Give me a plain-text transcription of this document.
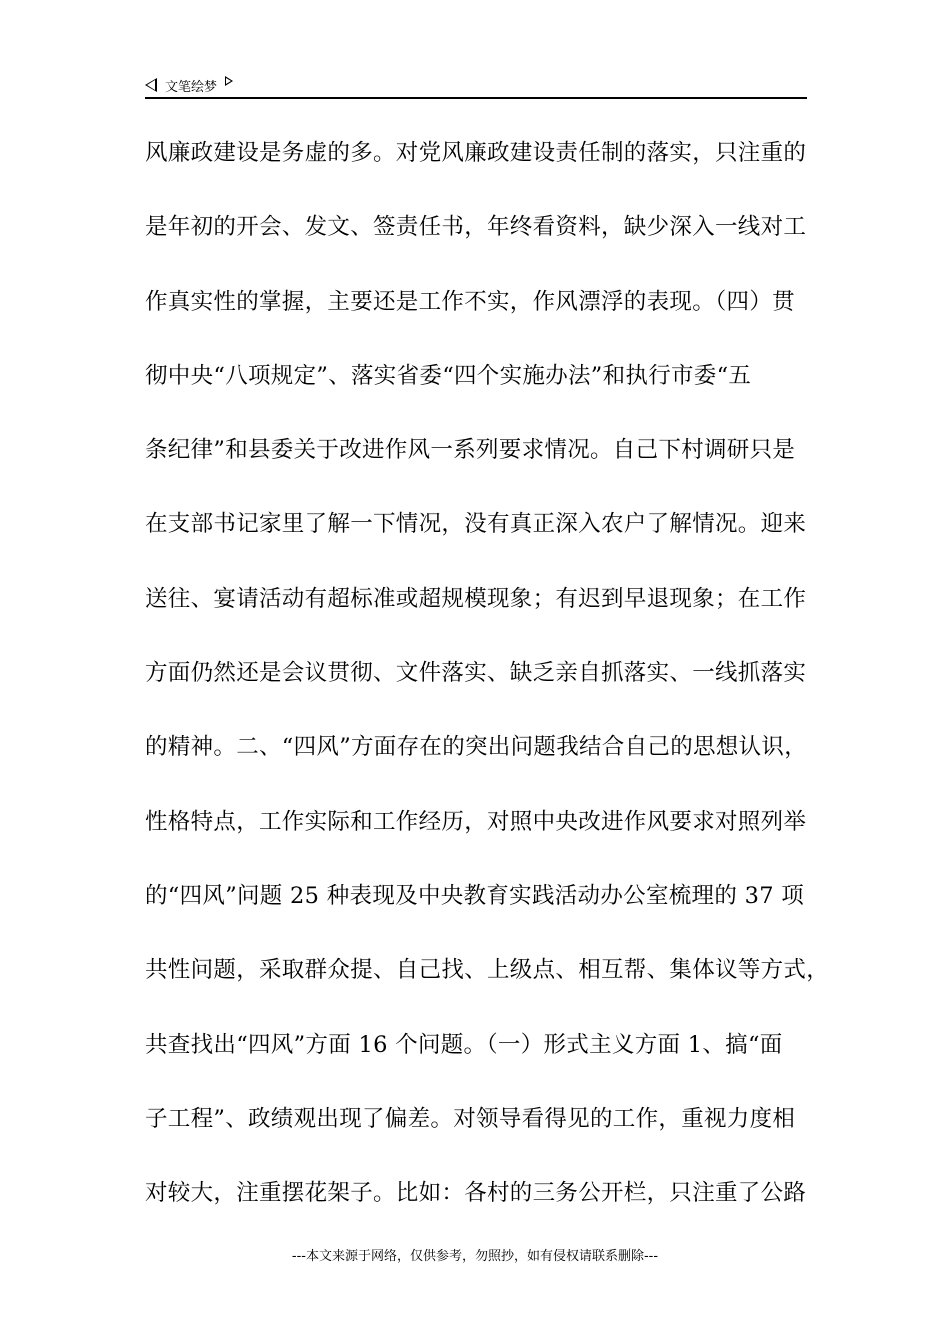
文笔绘梦
风廉政建设是务虚的多。对党风廉政建设责任制的落实，只注重的
是年初的开会、发文、签责任书，年终看资料，缺少深入一线对工
作真实性的掌握，主要还是工作不实，作风漂浮的表现。（四）贯
彻中央“八项规定”、落实省委“四个实施办法”和执行市委“五
条纪律”和县委关于改进作风一系列要求情况。自己下村调研只是
在支部书记家里了解一下情况，没有真正深入农户了解情况。迎来
送往、宴请活动有超标准或超规模现象；有迟到早退现象；在工作
方面仍然还是会议贯彻、文件落实、缺乏亲自抓落实、一线抓落实
的精神。二、“四风”方面存在的突出问题我结合自己的思想认识，
性格特点，工作实际和工作经历，对照中央改进作风要求对照列举
的“四风”问题 25 种表现及中央教育实践活动办公室梳理的 37 项
共性问题，采取群众提、自己找、上级点、相互帮、集体议等方式，
共查找出“四风”方面 16 个问题。（一）形式主义方面 1、搞“面
子工程”、政绩观出现了偏差。对领导看得见的工作，重视力度相
对较大，注重摆花架子。比如：各村的三务公开栏，只注重了公路
---本文来源于网络，仅供参考，勿照抄，如有侵权请联系删除---
